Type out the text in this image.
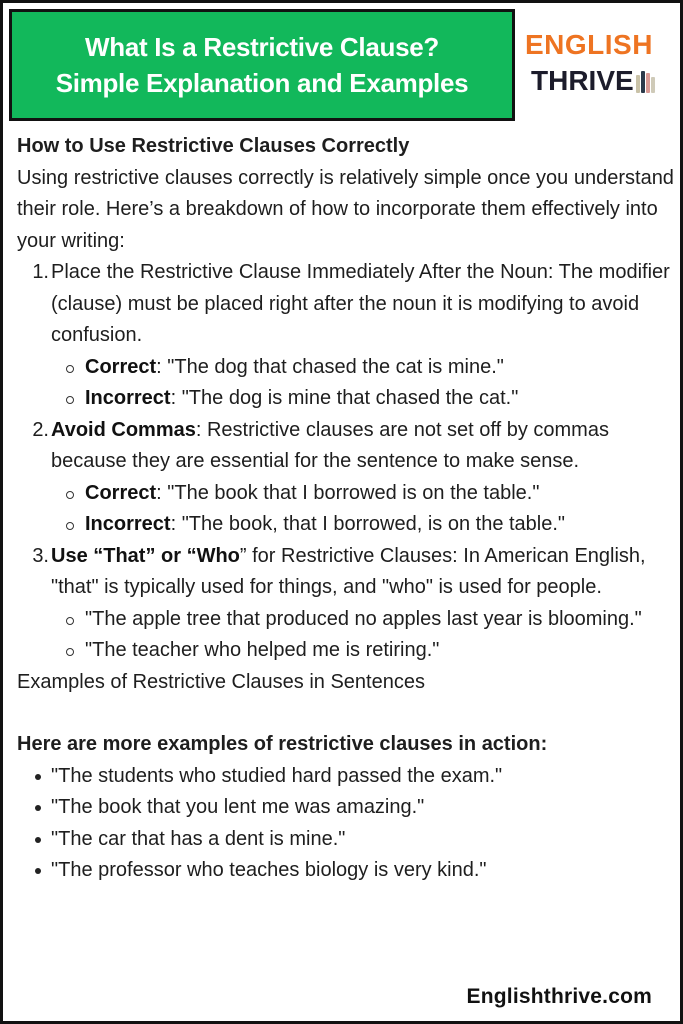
What Is a Restrictive Clause?
Simple Explanation and Examples
ENGLISH
THRIVE
How to Use Restrictive Clauses Correctly
Using restrictive clauses correctly is relatively simple once you understand their role. Here’s a breakdown of how to incorporate them effectively into your writing:
1. Place the Restrictive Clause Immediately After the Noun: The modifier (clause) must be placed right after the noun it is modifying to avoid confusion.
Correct: "The dog that chased the cat is mine."
Incorrect: "The dog is mine that chased the cat."
2. Avoid Commas: Restrictive clauses are not set off by commas because they are essential for the sentence to make sense.
Correct: "The book that I borrowed is on the table."
Incorrect: "The book, that I borrowed, is on the table."
3. Use “That” or “Who” for Restrictive Clauses: In American English, "that" is typically used for things, and "who" is used for people.
"The apple tree that produced no apples last year is blooming."
"The teacher who helped me is retiring."
Examples of Restrictive Clauses in Sentences
Here are more examples of restrictive clauses in action:
"The students who studied hard passed the exam."
"The book that you lent me was amazing."
"The car that has a dent is mine."
"The professor who teaches biology is very kind."
Englishthrive.com
